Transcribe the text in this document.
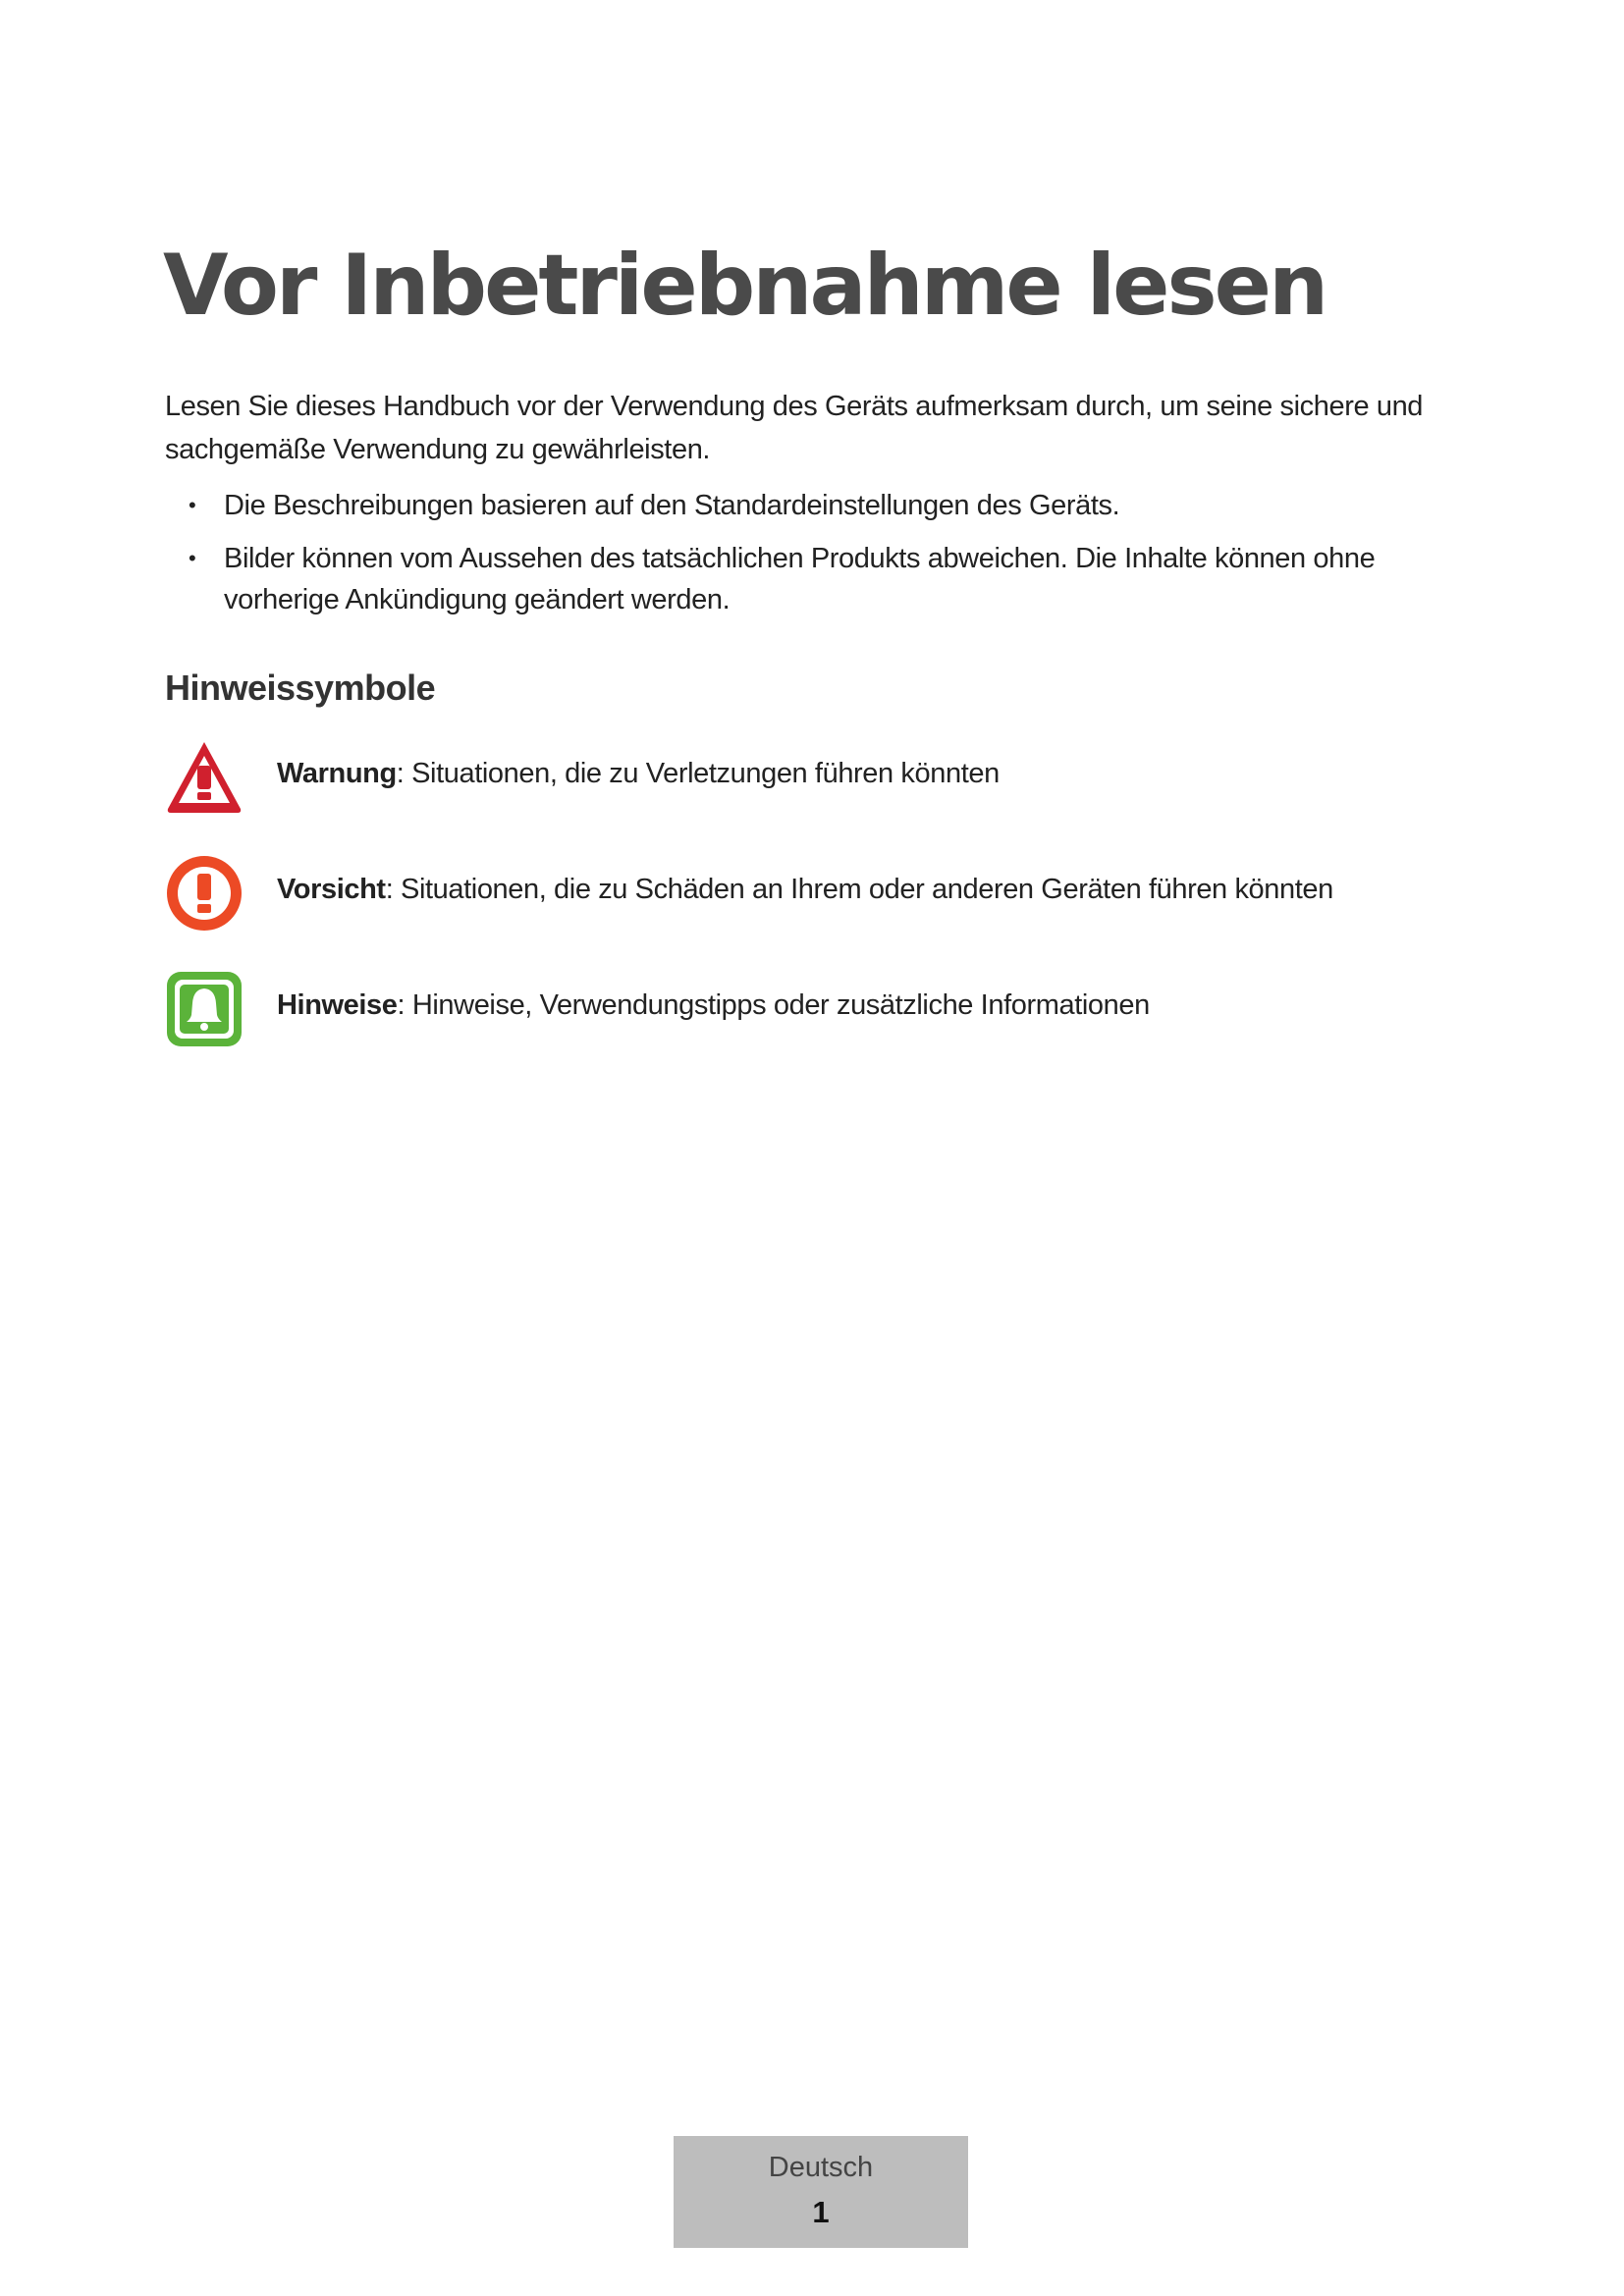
Vor Inbetriebnahme lesen

Lesen Sie dieses Handbuch vor der Verwendung des Geräts aufmerksam durch, um seine sichere und sachgemäße Verwendung zu gewährleisten.

• Die Beschreibungen basieren auf den Standardeinstellungen des Geräts.
• Bilder können vom Aussehen des tatsächlichen Produkts abweichen. Die Inhalte können ohne vorherige Ankündigung geändert werden.
Hinweissymbole
Warnung: Situationen, die zu Verletzungen führen könnten
Vorsicht: Situationen, die zu Schäden an Ihrem oder anderen Geräten führen könnten
Hinweise: Hinweise, Verwendungstipps oder zusätzliche Informationen
Deutsch
1
